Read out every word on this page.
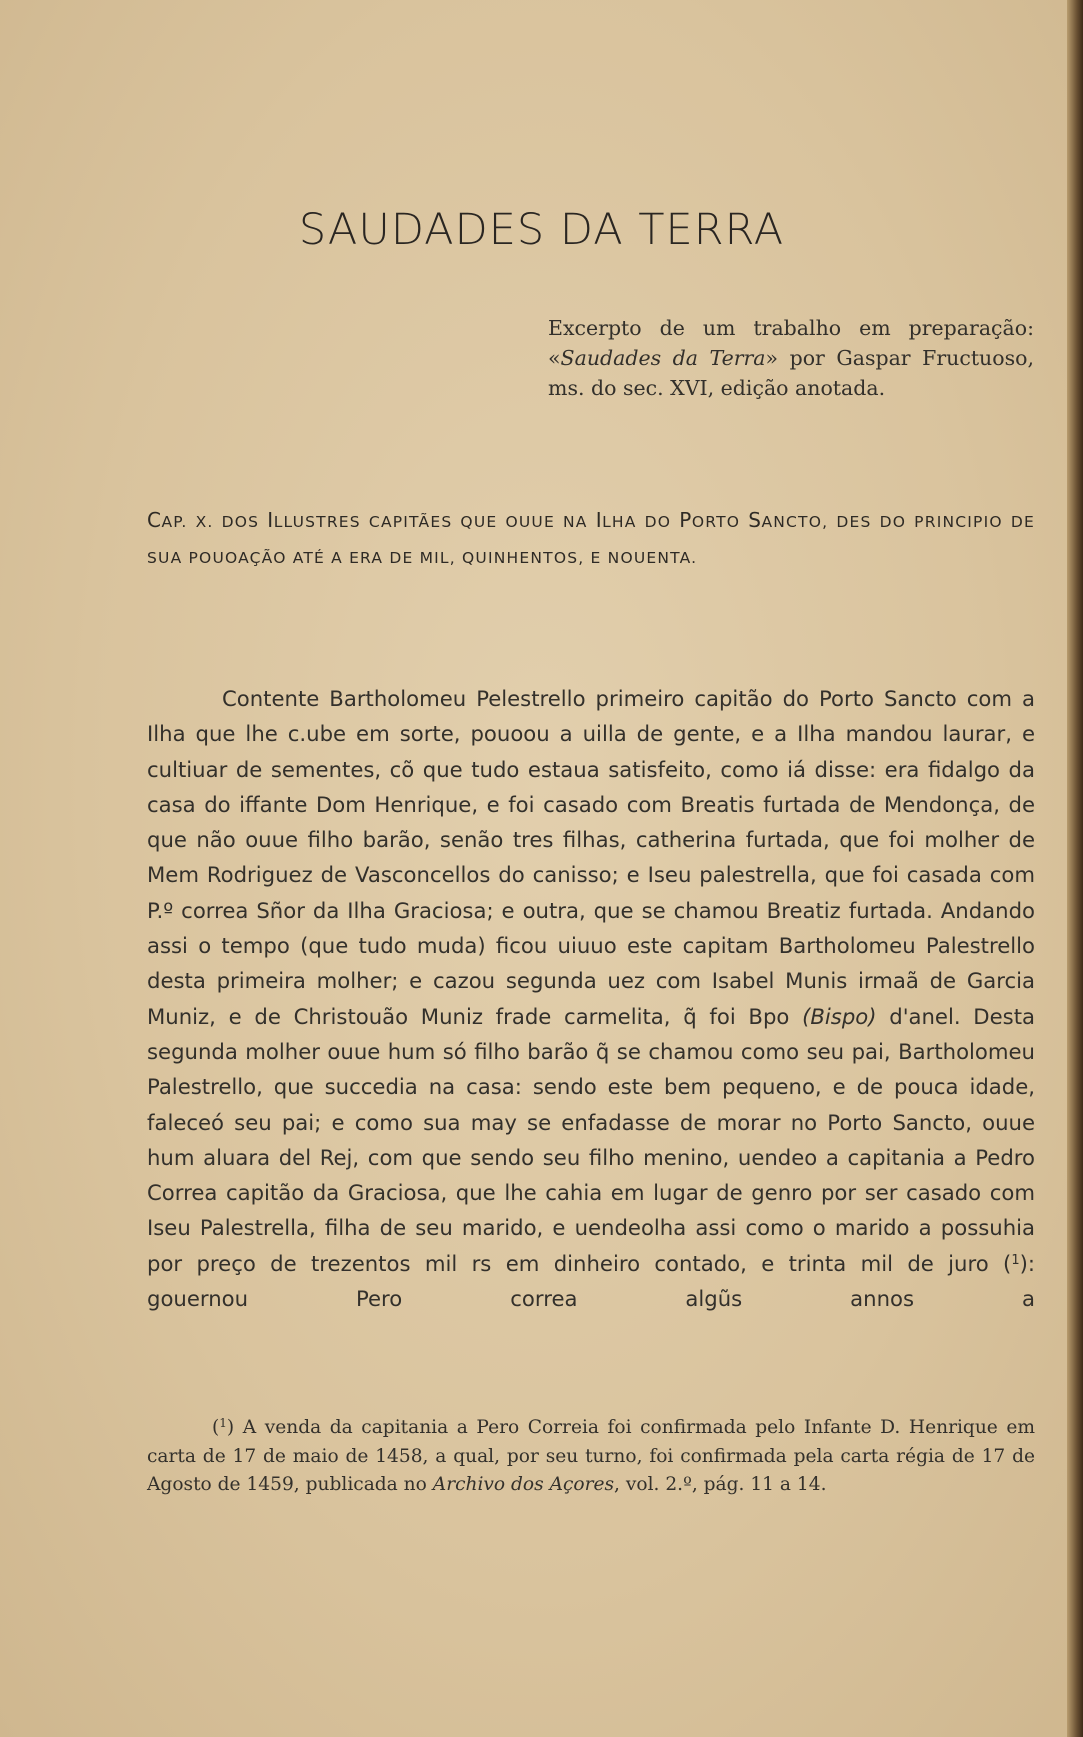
SAUDADES DA TERRA
Excerpto de um trabalho em preparação: «Saudades da Terra» por Gaspar Fructuoso, ms. do sec. XVI, edição anotada.
CAP. X. DOS ILLUSTRES CAPITÃES QUE OUUE NA ILHA DO PORTO SANCTO, DES DO PRINCIPIO DE SUA POUOAÇÃO ATÉ A ERA DE MIL, QUINHENTOS, E NOUENTA.

Contente Bartholomeu Pelestrello primeiro capitão do Porto Sancto com a Ilha que lhe c.ube em sorte, pouoou a uilla de gente, e a Ilha mandou laurar, e cultiuar de sementes, cõ que tudo estaua satisfeito, como iá disse: era fidalgo da casa do iffante Dom Henrique, e foi casado com Breatis furtada de Mendonça, de que não ouue filho barão, senão tres filhas, catherina furtada, que foi molher de Mem Rodriguez de Vasconcellos do canisso; e Iseu palestrella, que foi casada com P.º correa Sñor da Ilha Graciosa; e outra, que se chamou Breatiz furtada. Andando assi o tempo (que tudo muda) ficou uiuuo este capitam Bartholomeu Palestrello desta primeira molher; e cazou segunda uez com Isabel Munis irmaã de Garcia Muniz, e de Christouão Muniz frade carmelita, q̃ foi Bpo (Bispo) d'anel. Desta segunda molher ouue hum só filho barão q̃ se chamou como seu pai, Bartholomeu Palestrello, que succedia na casa: sendo este bem pequeno, e de pouca idade, faleceó seu pai; e como sua may se enfadasse de morar no Porto Sancto, ouue hum aluara del Rej, com que sendo seu filho menino, uendeo a capitania a Pedro Correa capitão da Graciosa, que lhe cahia em lugar de genro por ser casado com Iseu Palestrella, filha de seu marido, e uendeolha assi como o marido a possuhia por preço de trezentos mil rs em dinheiro contado, e trinta mil de juro ($^1$): gouernou Pero correa algũs annos a

($^1$) A venda da capitania a Pero Correia foi confirmada pelo Infante D. Henrique em carta de 17 de maio de 1458, a qual, por seu turno, foi confirmada pela carta régia de 17 de Agosto de 1459, publicada no Archivo dos Açores, vol. 2.º, pág. 11 a 14.
